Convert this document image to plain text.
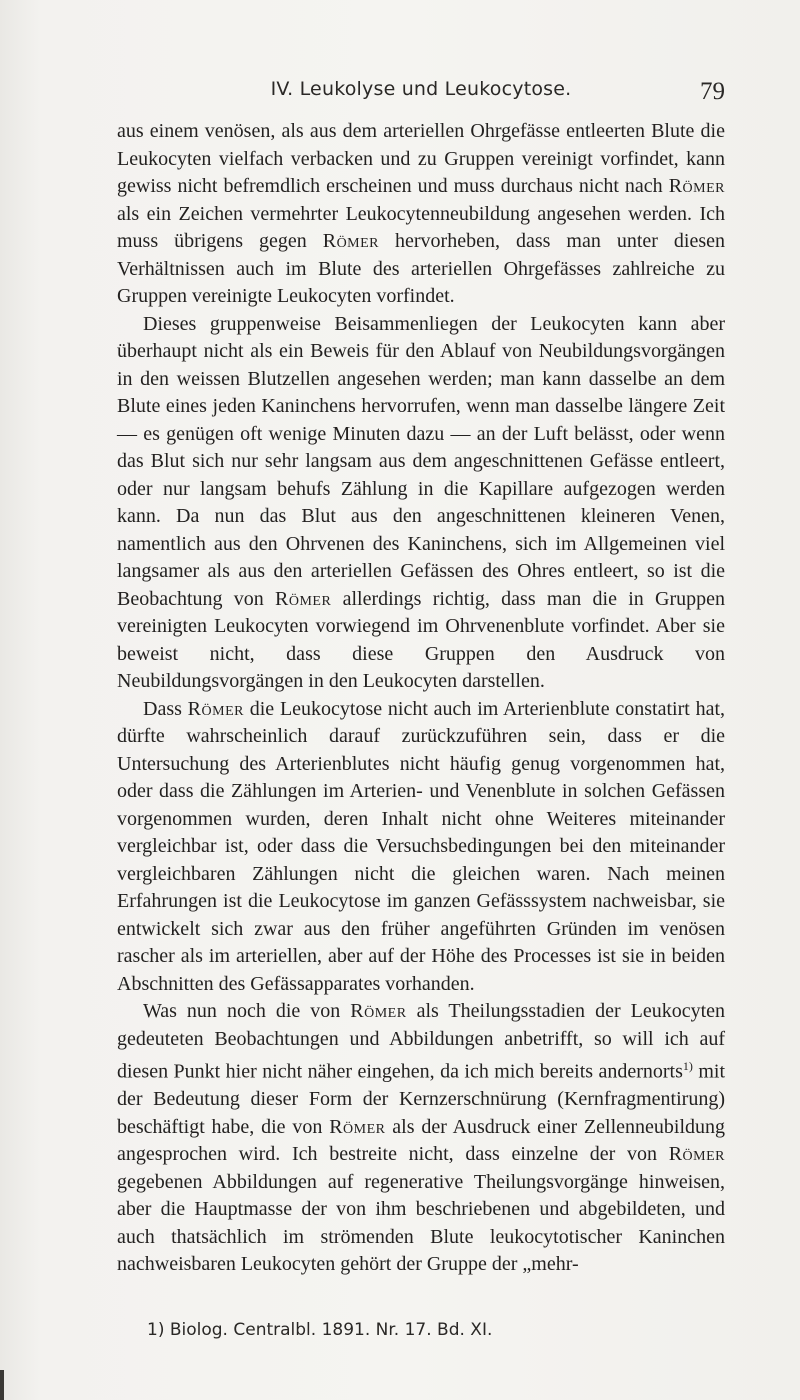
IV. Leukolyse und Leukocytose.	79

aus einem venösen, als aus dem arteriellen Ohrgefässe entleerten Blute die Leukocyten vielfach verbacken und zu Gruppen vereinigt vorfindet, kann gewiss nicht befremdlich erscheinen und muss durchaus nicht nach Römer als ein Zeichen vermehrter Leukocytenneubildung angesehen werden. Ich muss übrigens gegen Römer hervorheben, dass man unter diesen Verhältnissen auch im Blute des arteriellen Ohrgefässes zahlreiche zu Gruppen vereinigte Leukocyten vorfindet.

Dieses gruppenweise Beisammenliegen der Leukocyten kann aber überhaupt nicht als ein Beweis für den Ablauf von Neubildungsvorgängen in den weissen Blutzellen angesehen werden; man kann dasselbe an dem Blute eines jeden Kaninchens hervorrufen, wenn man dasselbe längere Zeit — es genügen oft wenige Minuten dazu — an der Luft belässt, oder wenn das Blut sich nur sehr langsam aus dem angeschnittenen Gefässe entleert, oder nur langsam behufs Zählung in die Kapillare aufgezogen werden kann. Da nun das Blut aus den angeschnittenen kleineren Venen, namentlich aus den Ohrvenen des Kaninchens, sich im Allgemeinen viel langsamer als aus den arteriellen Gefässen des Ohres entleert, so ist die Beobachtung von Römer allerdings richtig, dass man die in Gruppen vereinigten Leukocyten vorwiegend im Ohrvenenblute vorfindet. Aber sie beweist nicht, dass diese Gruppen den Ausdruck von Neubildungsvorgängen in den Leukocyten darstellen.

Dass Römer die Leukocytose nicht auch im Arterienblute constatirt hat, dürfte wahrscheinlich darauf zurückzuführen sein, dass er die Untersuchung des Arterienblutes nicht häufig genug vorgenommen hat, oder dass die Zählungen im Arterien- und Venenblute in solchen Gefässen vorgenommen wurden, deren Inhalt nicht ohne Weiteres miteinander vergleichbar ist, oder dass die Versuchsbedingungen bei den miteinander vergleichbaren Zählungen nicht die gleichen waren. Nach meinen Erfahrungen ist die Leukocytose im ganzen Gefässsystem nachweisbar, sie entwickelt sich zwar aus den früher angeführten Gründen im venösen rascher als im arteriellen, aber auf der Höhe des Processes ist sie in beiden Abschnitten des Gefässapparates vorhanden.

Was nun noch die von Römer als Theilungsstadien der Leukocyten gedeuteten Beobachtungen und Abbildungen anbetrifft, so will ich auf diesen Punkt hier nicht näher eingehen, da ich mich bereits andernorts$^{1)}$ mit der Bedeutung dieser Form der Kernzerschnürung (Kernfragmentirung) beschäftigt habe, die von Römer als der Ausdruck einer Zellenneubildung angesprochen wird. Ich bestreite nicht, dass einzelne der von Römer gegebenen Abbildungen auf regenerative Theilungsvorgänge hinweisen, aber die Hauptmasse der von ihm beschriebenen und abgebildeten, und auch thatsächlich im strömenden Blute leukocytotischer Kaninchen nachweisbaren Leukocyten gehört der Gruppe der „mehr-

1) Biolog. Centralbl. 1891. Nr. 17. Bd. XI.
